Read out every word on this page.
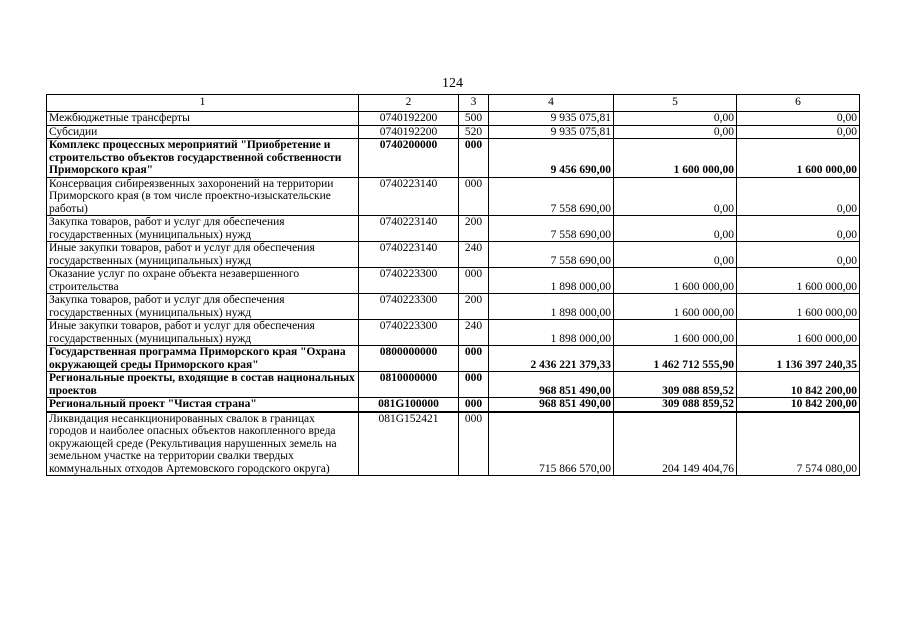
124
1	2	3	4	5	6
Межбюджетные трансферты	0740192200	500	9 935 075,81	0,00	0,00
Субсидии	0740192200	520	9 935 075,81	0,00	0,00
Комплекс процессных мероприятий "Приобретение и строительство объектов государственной собственности Приморского края"	0740200000	000	9 456 690,00	1 600 000,00	1 600 000,00
Консервация сибиреязвенных захоронений на территории Приморского края (в том числе проектно-изыскательские работы)	0740223140	000	7 558 690,00	0,00	0,00
Закупка товаров, работ и услуг для обеспечения государственных (муниципальных) нужд	0740223140	200	7 558 690,00	0,00	0,00
Иные закупки товаров, работ и услуг для обеспечения государственных (муниципальных) нужд	0740223140	240	7 558 690,00	0,00	0,00
Оказание услуг по охране объекта незавершенного строительства	0740223300	000	1 898 000,00	1 600 000,00	1 600 000,00
Закупка товаров, работ и услуг для обеспечения государственных (муниципальных) нужд	0740223300	200	1 898 000,00	1 600 000,00	1 600 000,00
Иные закупки товаров, работ и услуг для обеспечения государственных (муниципальных) нужд	0740223300	240	1 898 000,00	1 600 000,00	1 600 000,00
Государственная программа Приморского края "Охрана окружающей среды Приморского края"	0800000000	000	2 436 221 379,33	1 462 712 555,90	1 136 397 240,35
Региональные проекты, входящие в состав национальных проектов	0810000000	000	968 851 490,00	309 088 859,52	10 842 200,00
Региональный проект "Чистая страна"	081G100000	000	968 851 490,00	309 088 859,52	10 842 200,00
Ликвидация несанкционированных свалок в границах городов и наиболее опасных объектов накопленного вреда окружающей среде (Рекультивация нарушенных земель на земельном участке на территории свалки твердых коммунальных отходов Артемовского городского округа)	081G152421	000	715 866 570,00	204 149 404,76	7 574 080,00
